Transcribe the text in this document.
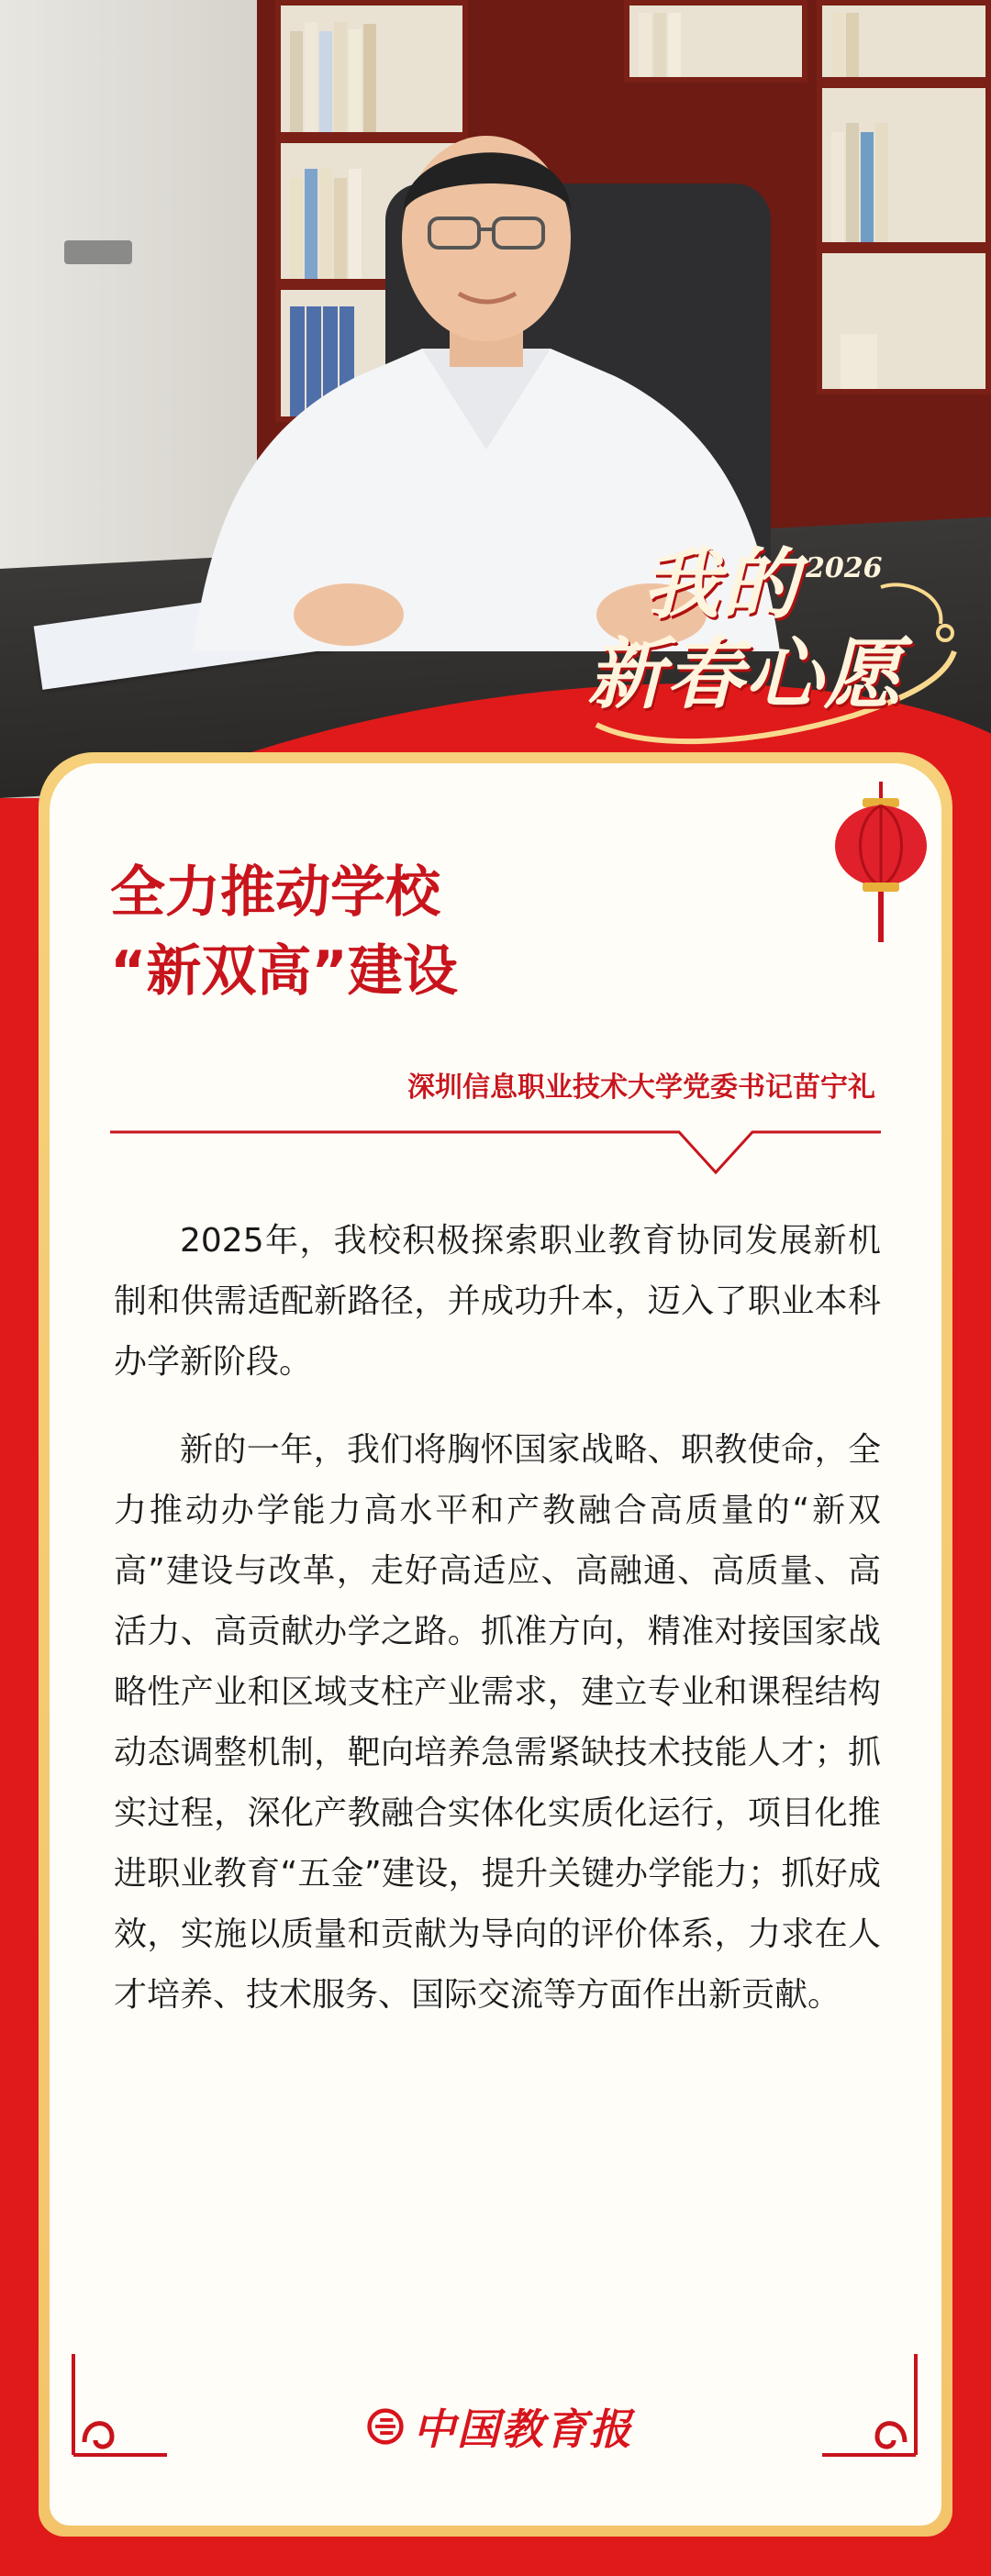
我的 2026
新春心愿
全力推动学校
“新双高”建设
深圳信息职业技术大学党委书记苗宁礼

2025年，我校积极探索职业教育协同发展新机制和供需适配新路径，并成功升本，迈入了职业本科办学新阶段。

新的一年，我们将胸怀国家战略、职教使命，全力推动办学能力高水平和产教融合高质量的“新双高”建设与改革，走好高适应、高融通、高质量、高活力、高贡献办学之路。抓准方向，精准对接国家战略性产业和区域支柱产业需求，建立专业和课程结构动态调整机制，靶向培养急需紧缺技术技能人才；抓实过程，深化产教融合实体化实质化运行，项目化推进职业教育“五金”建设，提升关键办学能力；抓好成效，实施以质量和贡献为导向的评价体系，力求在人才培养、技术服务、国际交流等方面作出新贡献。

中国教育报
